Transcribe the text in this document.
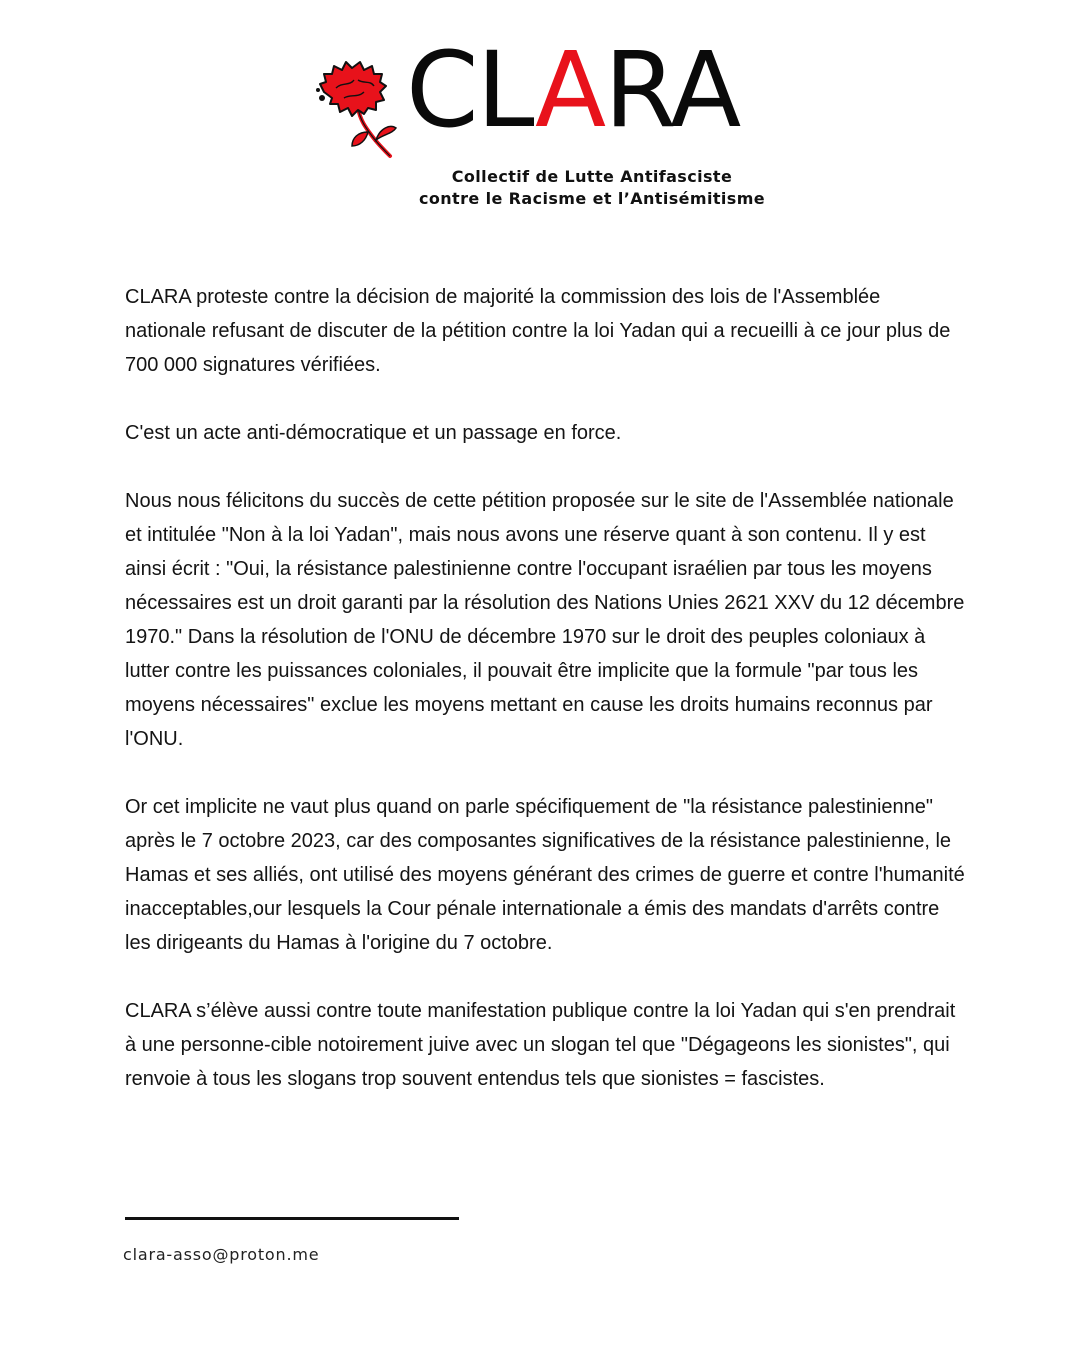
CLARA
Collectif de Lutte Antifasciste
contre le Racisme et l’Antisémitisme

CLARA proteste contre la décision de majorité la commission des lois de l'Assemblée nationale refusant de discuter de la pétition contre la loi Yadan qui a recueilli à ce jour plus de 700 000 signatures vérifiées.

C'est un acte anti-démocratique et un passage en force.

Nous nous félicitons du succès de cette pétition proposée sur le site de l'Assemblée nationale et intitulée "Non à la loi Yadan", mais nous avons une réserve quant à son contenu. Il y est ainsi écrit : "Oui, la résistance palestinienne contre l'occupant israélien par tous les moyens nécessaires est un droit garanti par la résolution des Nations Unies 2621 XXV du 12 décembre 1970." Dans la résolution de l'ONU de décembre 1970 sur le droit des peuples coloniaux à lutter contre les puissances coloniales, il pouvait être implicite que la formule "par tous les moyens nécessaires" exclue les moyens mettant en cause les droits humains reconnus par l'ONU.

Or cet implicite ne vaut plus quand on parle spécifiquement de "la résistance palestinienne" après le 7 octobre 2023, car des composantes significatives de la résistance palestinienne, le Hamas et ses alliés, ont utilisé des moyens générant des crimes de guerre et contre l'humanité inacceptables,our lesquels la Cour pénale internationale a émis des mandats d'arrêts contre les dirigeants du Hamas à l'origine du 7 octobre.

CLARA s’élève aussi contre toute manifestation publique contre la loi Yadan qui s'en prendrait à une personne-cible notoirement juive avec un slogan tel que "Dégageons les sionistes", qui renvoie à tous les slogans trop souvent entendus tels que sionistes = fascistes.

clara-asso@proton.me
